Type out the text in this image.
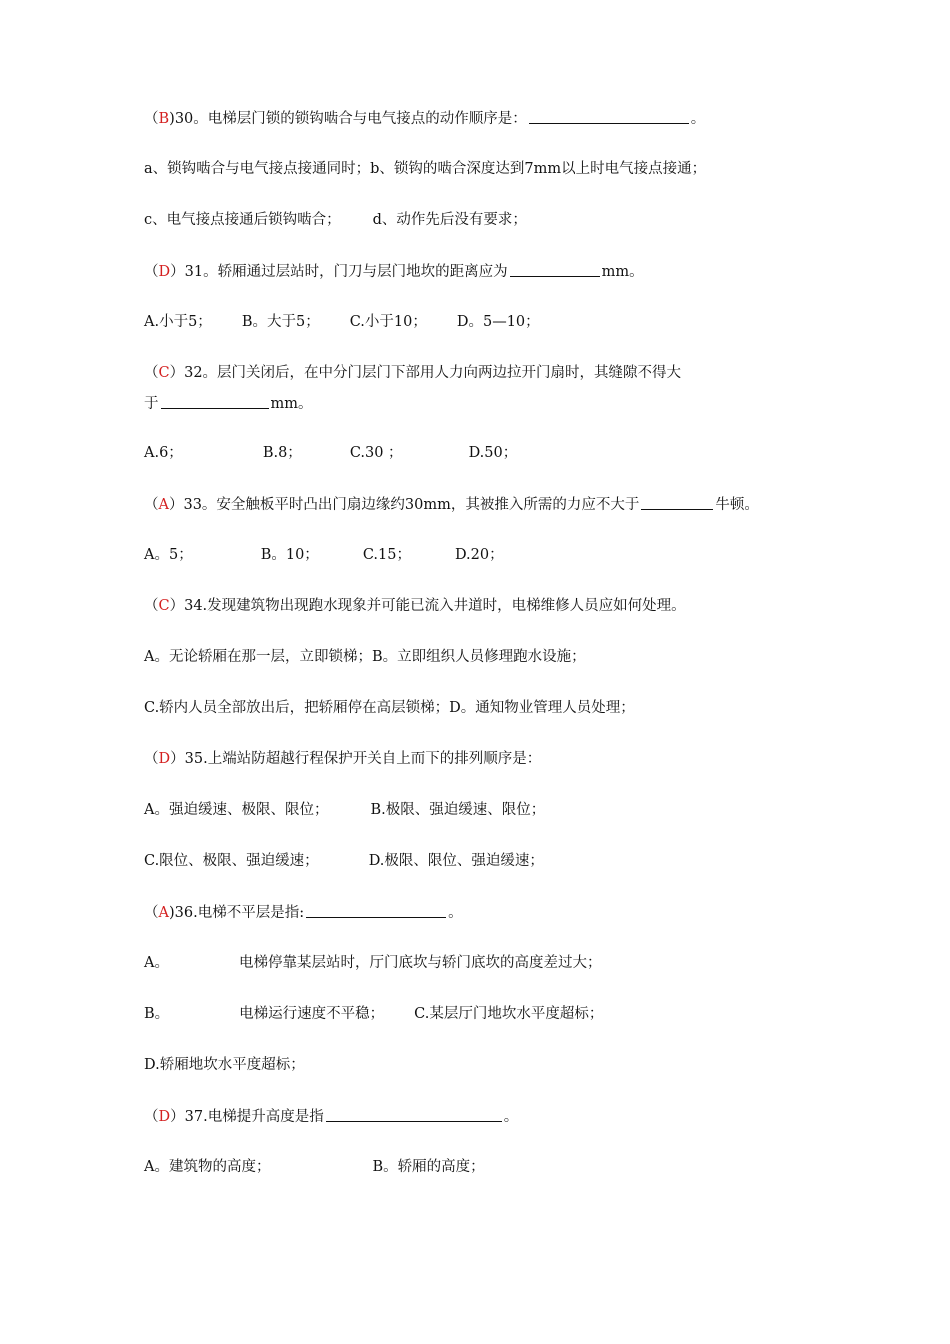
（B)30。电梯层门锁的锁钩啮合与电气接点的动作顺序是：	。
a、锁钩啮合与电气接点接通同时；b、锁钩的啮合深度达到7mm以上时电气接点接通；
c、电气接点接通后锁钩啮合； d、动作先后没有要求；
（D）31。轿厢通过层站时，门刀与层门地坎的距离应为	mm。
A.小于5； B。大于5； C.小于10； D。5—10；
（C）32。层门关闭后，在中分门层门下部用人力向两边拉开门扇时，其缝隙不得大
于	mm。
A.6；	B.8；	C.30 ；	D.50；
（A）33。安全触板平时凸出门扇边缘约30mm，其被推入所需的力应不大于	牛顿。
A。5；	B。10；	C.15；	D.20；
（C）34.发现建筑物出现跑水现象并可能已流入井道时，电梯维修人员应如何处理。
A。无论轿厢在那一层，立即锁梯；B。立即组织人员修理跑水设施；
C.轿内人员全部放出后，把轿厢停在高层锁梯；D。通知物业管理人员处理；
（D）35.上端站防超越行程保护开关自上而下的排列顺序是：
A。强迫缓速、极限、限位；	B.极限、强迫缓速、限位；
C.限位、极限、强迫缓速；	D.极限、限位、强迫缓速；
（A)36.电梯不平层是指:	。
A。	电梯停靠某层站时，厅门底坎与轿门底坎的高度差过大；
B。	电梯运行速度不平稳； C.某层厅门地坎水平度超标；
D.轿厢地坎水平度超标；
（D）37.电梯提升高度是指	。
A。建筑物的高度；	B。轿厢的高度；
